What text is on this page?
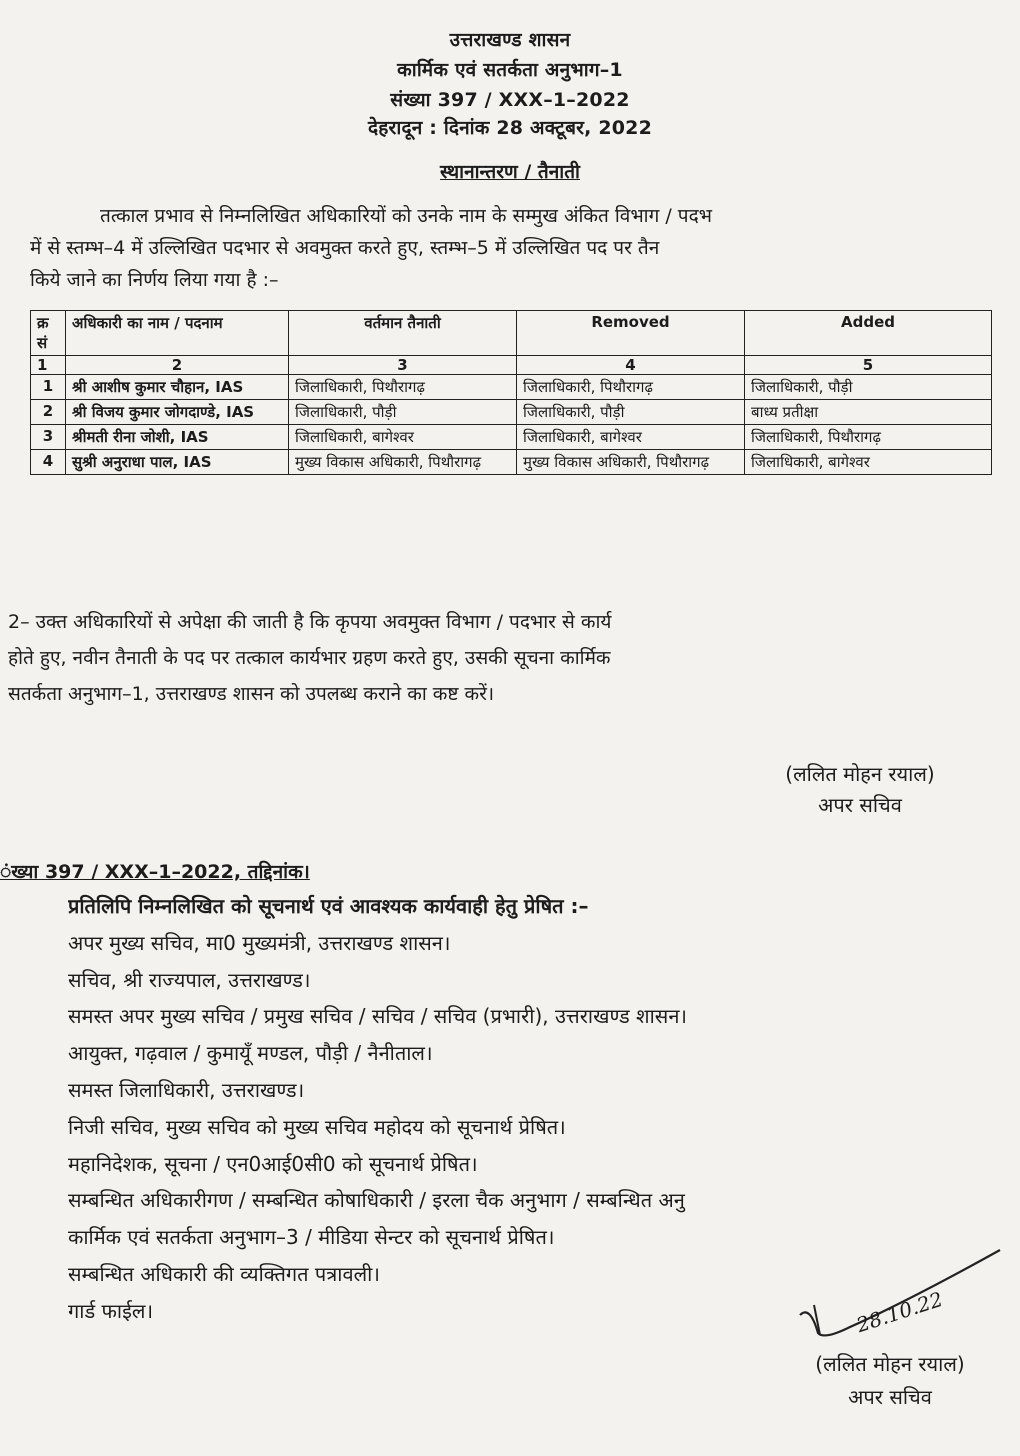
उत्तराखण्ड शासन
कार्मिक एवं सतर्कता अनुभाग–1
संख्या 397 / XXX–1–2022
देहरादून : दिनांक 28 अक्टूबर, 2022
स्थानान्तरण / तैनाती
तत्काल प्रभाव से निम्नलिखित अधिकारियों को उनके नाम के सम्मुख अंकित विभाग / पदभ
में से स्तम्भ–4 में उल्लिखित पदभार से अवमुक्त करते हुए, स्तम्भ–5 में उल्लिखित पद पर तैन
किये जाने का निर्णय लिया गया है :–
क्र सं	अधिकारी का नाम / पदनाम	वर्तमान तैनाती	Removed	Added
1	2	3	4	5
1	श्री आशीष कुमार चौहान, IAS	जिलाधिकारी, पिथौरागढ़	जिलाधिकारी, पिथौरागढ़	जिलाधिकारी, पौड़ी
2	श्री विजय कुमार जोगदाण्डे, IAS	जिलाधिकारी, पौड़ी	जिलाधिकारी, पौड़ी	बाध्य प्रतीक्षा
3	श्रीमती रीना जोशी, IAS	जिलाधिकारी, बागेश्वर	जिलाधिकारी, बागेश्वर	जिलाधिकारी, पिथौरागढ़
4	सुश्री अनुराधा पाल, IAS	मुख्य विकास अधिकारी, पिथौरागढ़	मुख्य विकास अधिकारी, पिथौरागढ़	जिलाधिकारी, बागेश्वर
2– उक्त अधिकारियों से अपेक्षा की जाती है कि कृपया अवमुक्त विभाग / पदभार से कार्य
होते हुए, नवीन तैनाती के पद पर तत्काल कार्यभार ग्रहण करते हुए, उसकी सूचना कार्मिक
सतर्कता अनुभाग–1, उत्तराखण्ड शासन को उपलब्ध कराने का कष्ट करें।
(ललित मोहन रयाल)
अपर सचिव
ंख्या 397 / XXX–1–2022, तद्दिनांक।
प्रतिलिपि निम्नलिखित को सूचनार्थ एवं आवश्यक कार्यवाही हेतु प्रेषित :–
अपर मुख्य सचिव, मा0 मुख्यमंत्री, उत्तराखण्ड शासन।
सचिव, श्री राज्यपाल, उत्तराखण्ड।
समस्त अपर मुख्य सचिव / प्रमुख सचिव / सचिव / सचिव (प्रभारी), उत्तराखण्ड शासन।
आयुक्त, गढ़वाल / कुमायूँ मण्डल, पौड़ी / नैनीताल।
समस्त जिलाधिकारी, उत्तराखण्ड।
निजी सचिव, मुख्य सचिव को मुख्य सचिव महोदय को सूचनार्थ प्रेषित।
महानिदेशक, सूचना / एन0आई0सी0 को सूचनार्थ प्रेषित।
सम्बन्धित अधिकारीगण / सम्बन्धित कोषाधिकारी / इरला चैक अनुभाग / सम्बन्धित अनु
कार्मिक एवं सतर्कता अनुभाग–3 / मीडिया सेन्टर को सूचनार्थ प्रेषित।
सम्बन्धित अधिकारी की व्यक्तिगत पत्रावली।
गार्ड फाईल।	28.10.22
(ललित मोहन रयाल)
अपर सचिव
